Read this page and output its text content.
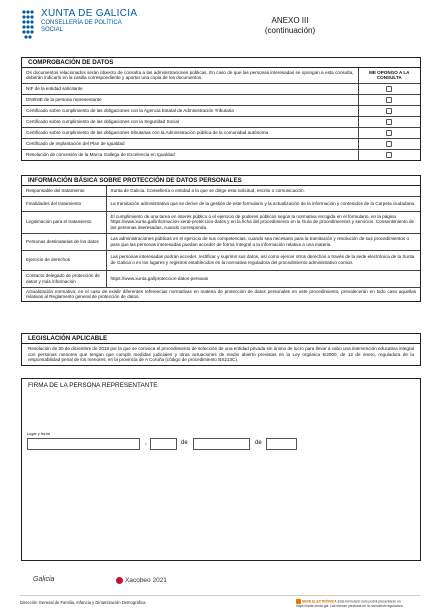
XUNTA DE GALICIA
CONSELLERÍA DE POLÍTICA SOCIAL
ANEXO III
(continuación)
COMPROBACIÓN DE DATOS
Os documentos relacionados serán obxecto de consulta a las administraciones públicas. En caso de que las personas interesadas se opongan a esta consulta, deberán indicarlo en la casilla correspondiente y aportar una copia de los documentos.	ME OPONGO A LA CONSULTA
NIF de la entidad solicitante	
DNI/NIE de la persona representante	
Certificado sobre cumplimiento de las obligaciones con la Agencia Estatal de Administración Tributaria	
Certificado sobre cumplimiento de las obligaciones con la Seguridad Social	
Certificado sobre cumplimiento de las obligaciones tributarias con la Administración pública de la comunidad autónoma	
Certificado de implantación del Plan de Igualdad	
Resolución de concesión de la Marca Gallega de Excelencia en Igualdad	
INFORMACIÓN BÁSICA SOBRE PROTECCIÓN DE DATOS PERSONALES
Responsable del tratamiento	Xunta de Galicia. Consellería o entidad a la que se dirige esta solicitud, escrito o comunicación.
Finalidades del tratamiento	La tramitación administrativa que se derive de la gestión de este formulario y la actualización de la información y contenidos de la Carpeta ciudadana.
Legitimación para el tratamiento	El cumplimiento de una tarea en interés público o el ejercicio de poderes públicos según la normativa recogida en el formulario, en la página https://www.xunta.gal/informacion-xeral-proteccion-datos y en la ficha del procedimiento en la Guía de procedimientos y servicios. Consentimiento de las personas interesadas, cuando corresponda.
Personas destinatarias de los datos	Las administraciones públicas en el ejercicio de sus competencias, cuando sea necesario para la tramitación y resolución de sus procedimientos o para que las personas interesadas puedan acceder de forma íntegral a la información relativa a una materia.
Ejercicio de derechos	Las personas interesadas podrán acceder, rectificar y suprimir sus datos, así como ejercer otros derechos a través de la sede electrónica de la Xunta de Galicia o en los lugares y registros establecidos en la normativa reguladora del procedimiento administrativo común.
Contacto delegado de protección de datos y más información	https://www.xunta.gal/proteccion-datos-persoais
Actualización normativa: en el caso de existir diferentes referencias normativas en materia de protección de datos personales en este procedimiento, prevalecerán en todo caso aquellas relativas al Reglamento general de protección de datos.	
LEGISLACIÓN APLICABLE
Resolución de 30 de diciembre de 2019 por la que se convoca el procedimiento de selección de una entidad privada sin ánimo de lucro para llevar a cabo una intervención educativa integral con personas menores que tengan que cumplir medidas judiciales y otras actuaciones de medio abierto previstas en la Ley orgánica 5/2000, de 12 de enero, reguladora de la responsabilidad penal de los menores, en la provincia de A Coruña (código de procedimiento BS213C).
FIRMA DE LA PERSONA REPRESENTANTE
Lugar y fecha
,	de	de
Galicia	Xacobeo 2021
Dirección General de Familia, Infancia y Dinamización Demográfica	SEDE ELECTRÓNICA Esta formulario solo podrá presentarse en https://sede.xunta.gal. Las formas previstas en la normativa reguladora.
